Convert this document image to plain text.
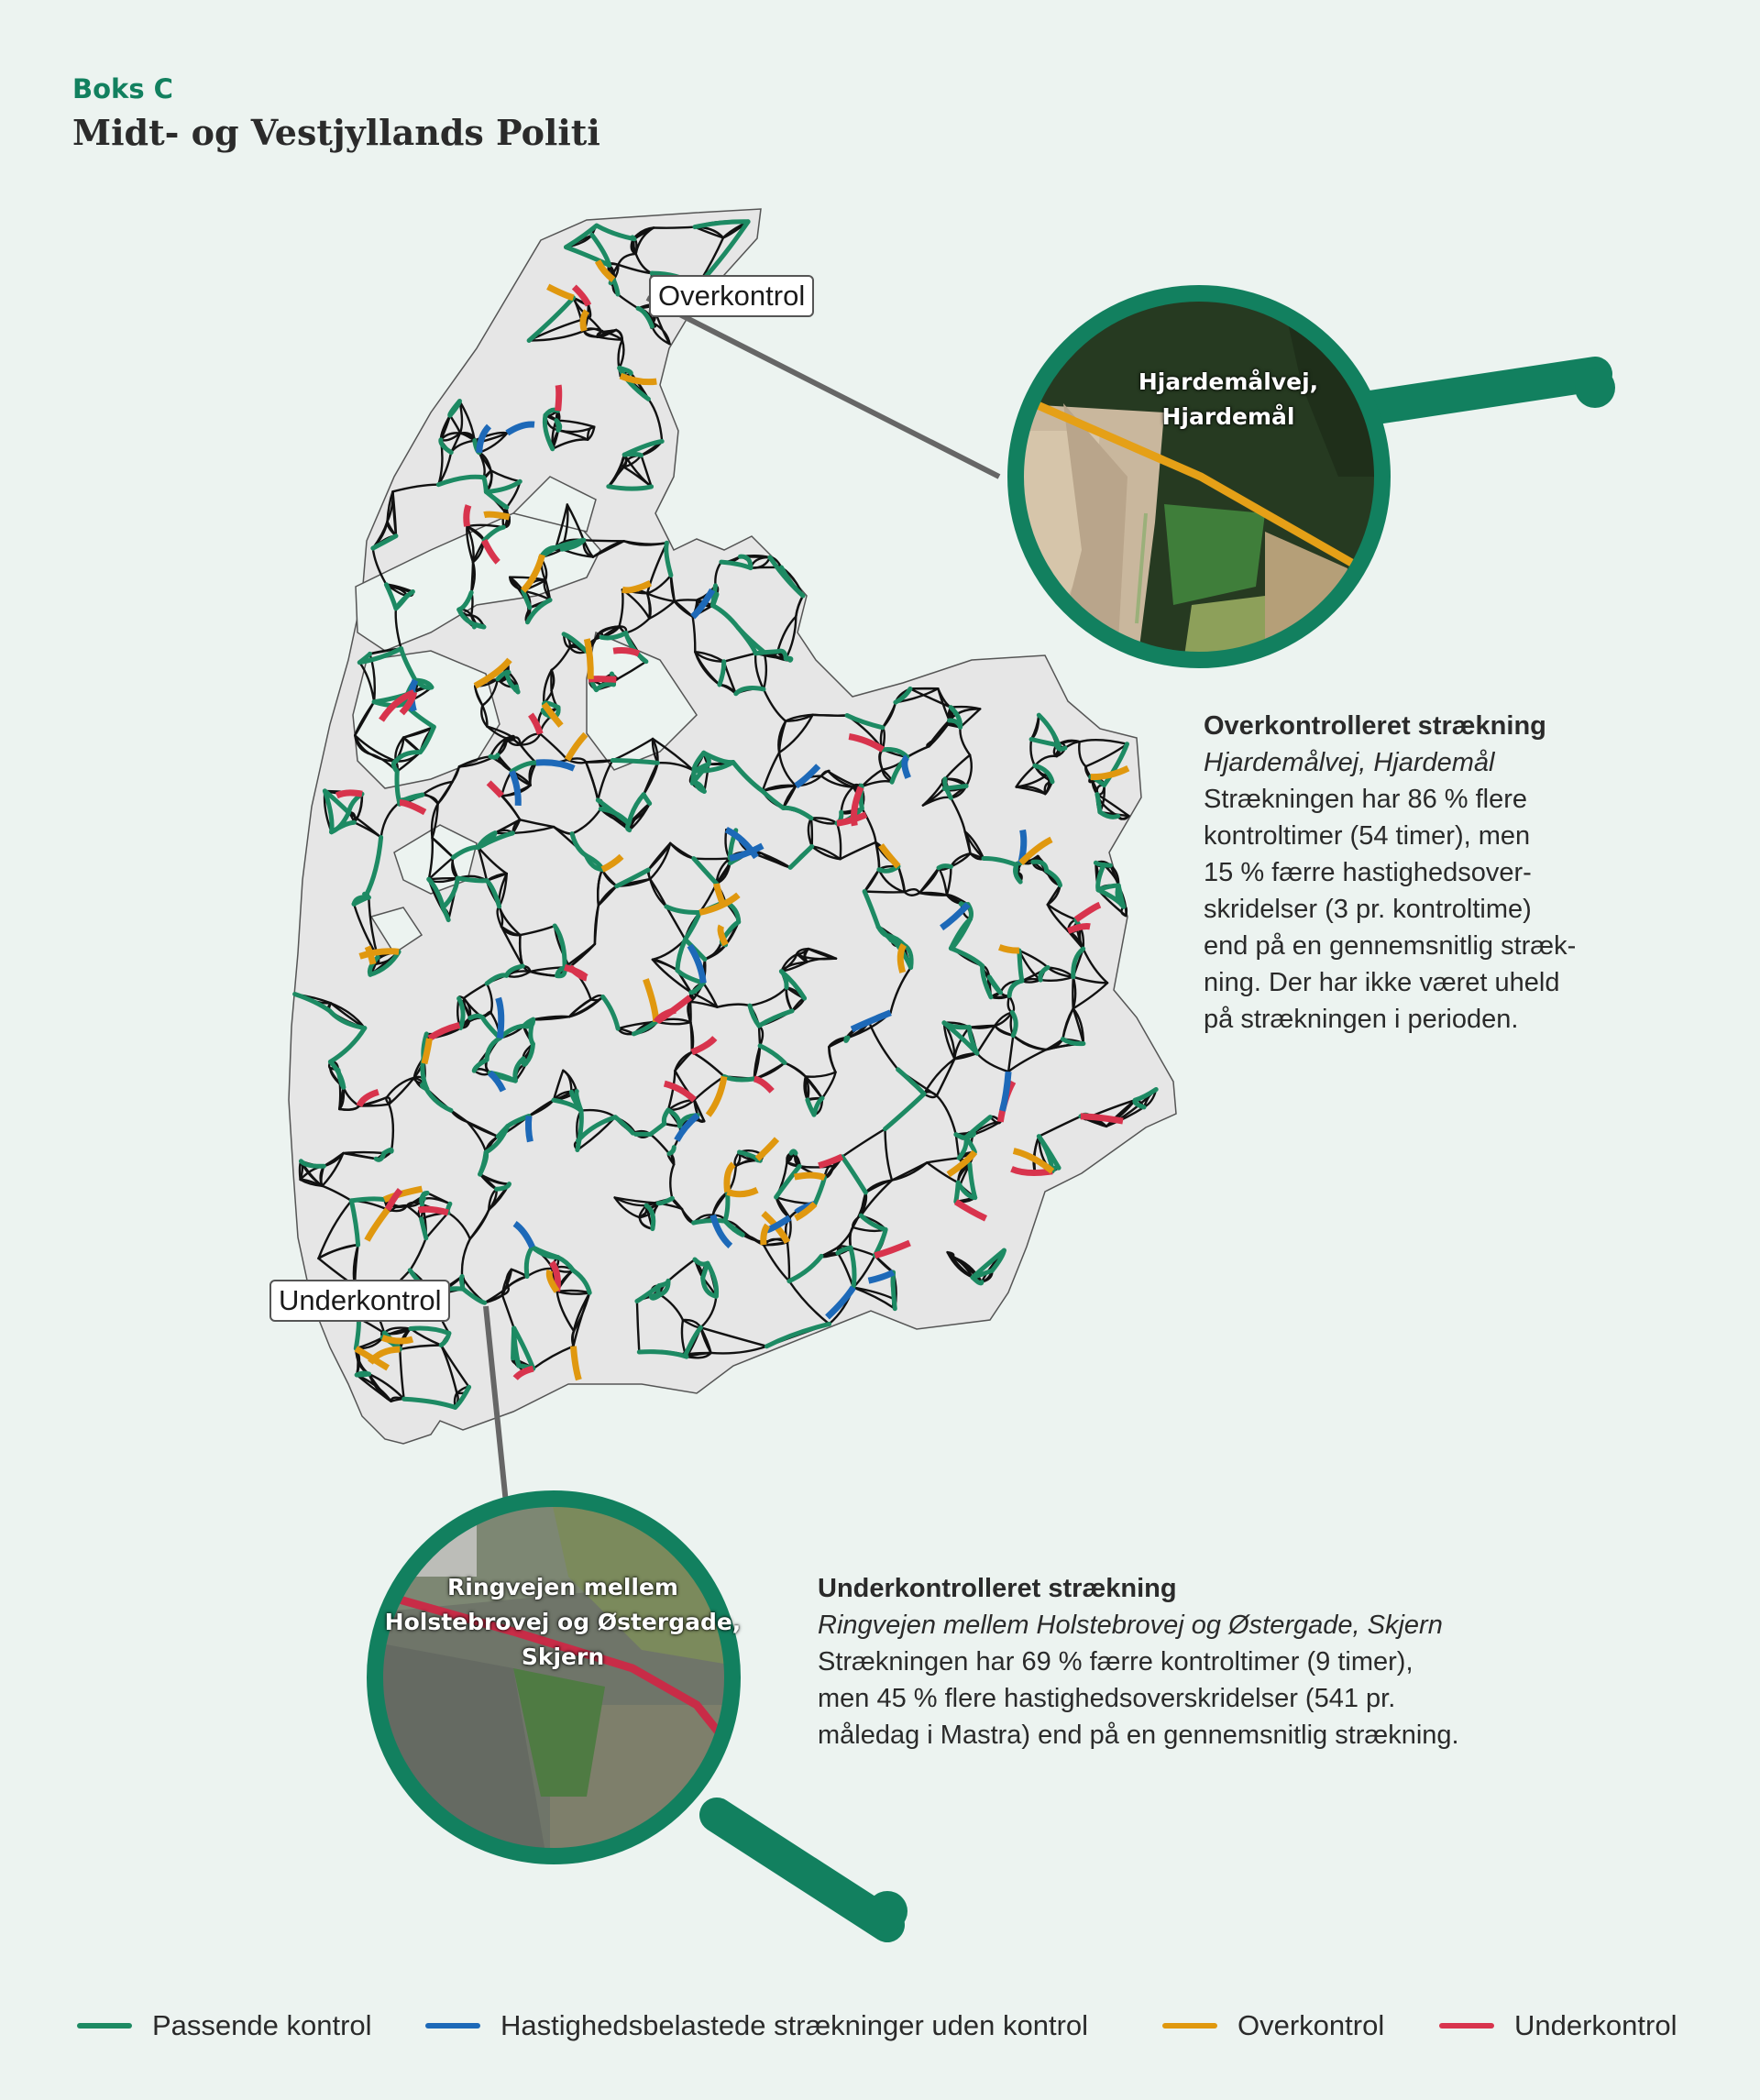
Boks C
Midt- og Vestjyllands Politi
Overkontrol
Underkontrol
Hjardemålvej,
Hjardemål
Ringvejen mellem
Holstebrovej og Østergade,
Skjern
Overkontrolleret strækning
Hjardemålvej, Hjardemål
Strækningen har 86 % flere
kontroltimer (54 timer), men
15 % færre hastighedsover-
skridelser (3 pr. kontroltime)
end på en gennemsnitlig stræk-
ning. Der har ikke været uheld
på strækningen i perioden.
Underkontrolleret strækning
Ringvejen mellem Holstebrovej og Østergade, Skjern
Strækningen har 69 % færre kontroltimer (9 timer),
men 45 % flere hastighedsoverskridelser (541 pr.
måledag i Mastra) end på en gennemsnitlig strækning.
Passende kontrol	Hastighedsbelastede strækninger uden kontrol	Overkontrol	Underkontrol
